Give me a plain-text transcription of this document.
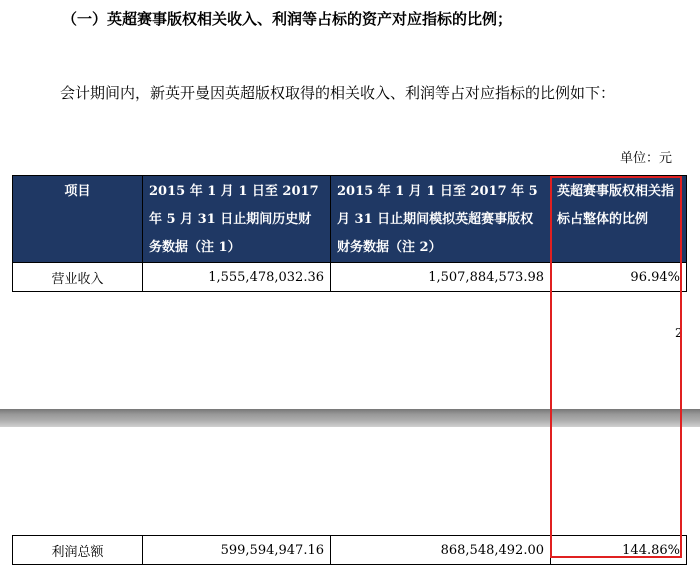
（一）英超赛事版权相关收入、利润等占标的资产对应指标的比例；
会计期间内，新英开曼因英超版权取得的相关收入、利润等占对应指标的比例如下：
单位：元
项目	2015 年 1 月 1 日至 2017 年 5 月 31 日止期间历史财务数据（注 1）	2015 年 1 月 1 日至 2017 年 5 月 31 日止期间模拟英超赛事版权财务数据（注 2）	英超赛事版权相关指标占整体的比例
营业收入	1,555,478,032.36	1,507,884,573.98	96.94%
2
利润总额	599,594,947.16	868,548,492.00	144.86%
